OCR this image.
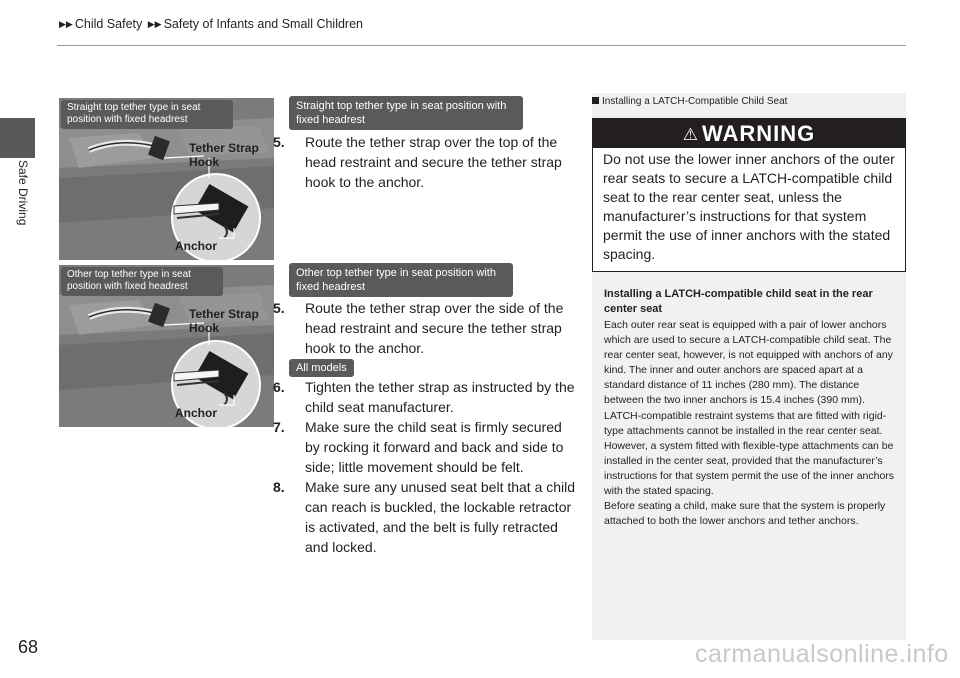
▶▶ Child Safety ▶▶ Safety of Infants and Small Children
Safe Driving
68
Straight top tether type in seat position with fixed headrest
Tether Strap Hook
Anchor
Other top tether type in seat position with fixed headrest
Tether Strap Hook
Anchor
Straight top tether type in seat position with fixed headrest

5. Route the tether strap over the top of the head restraint and secure the tether strap hook to the anchor.

Other top tether type in seat position with fixed headrest

5. Route the tether strap over the side of the head restraint and secure the tether strap hook to the anchor.

All models

6. Tighten the tether strap as instructed by the child seat manufacturer.

7. Make sure the child seat is firmly secured by rocking it forward and back and side to side; little movement should be felt.

8. Make sure any unused seat belt that a child can reach is buckled, the lockable retractor is activated, and the belt is fully retracted and locked.

Installing a LATCH-Compatible Child Seat
⚠ WARNING
Do not use the lower inner anchors of the outer rear seats to secure a LATCH-compatible child seat to the rear center seat, unless the manufacturer’s instructions for that system permit the use of inner anchors with the stated spacing.
Installing a LATCH-compatible child seat in the rear center seat

Each outer rear seat is equipped with a pair of lower anchors which are used to secure a LATCH-compatible child seat. The rear center seat, however, is not equipped with anchors of any kind. The inner and outer anchors are spaced apart at a standard distance of 11 inches (280 mm). The distance between the two inner anchors is 15.4 inches (390 mm).

LATCH-compatible restraint systems that are fitted with rigid-type attachments cannot be installed in the rear center seat. However, a system fitted with flexible-type attachments can be installed in the center seat, provided that the manufacturer’s instructions for that system permit the use of the inner anchors with the stated spacing.

Before seating a child, make sure that the system is properly attached to both the lower anchors and tether anchors.

carmanualsonline.info
